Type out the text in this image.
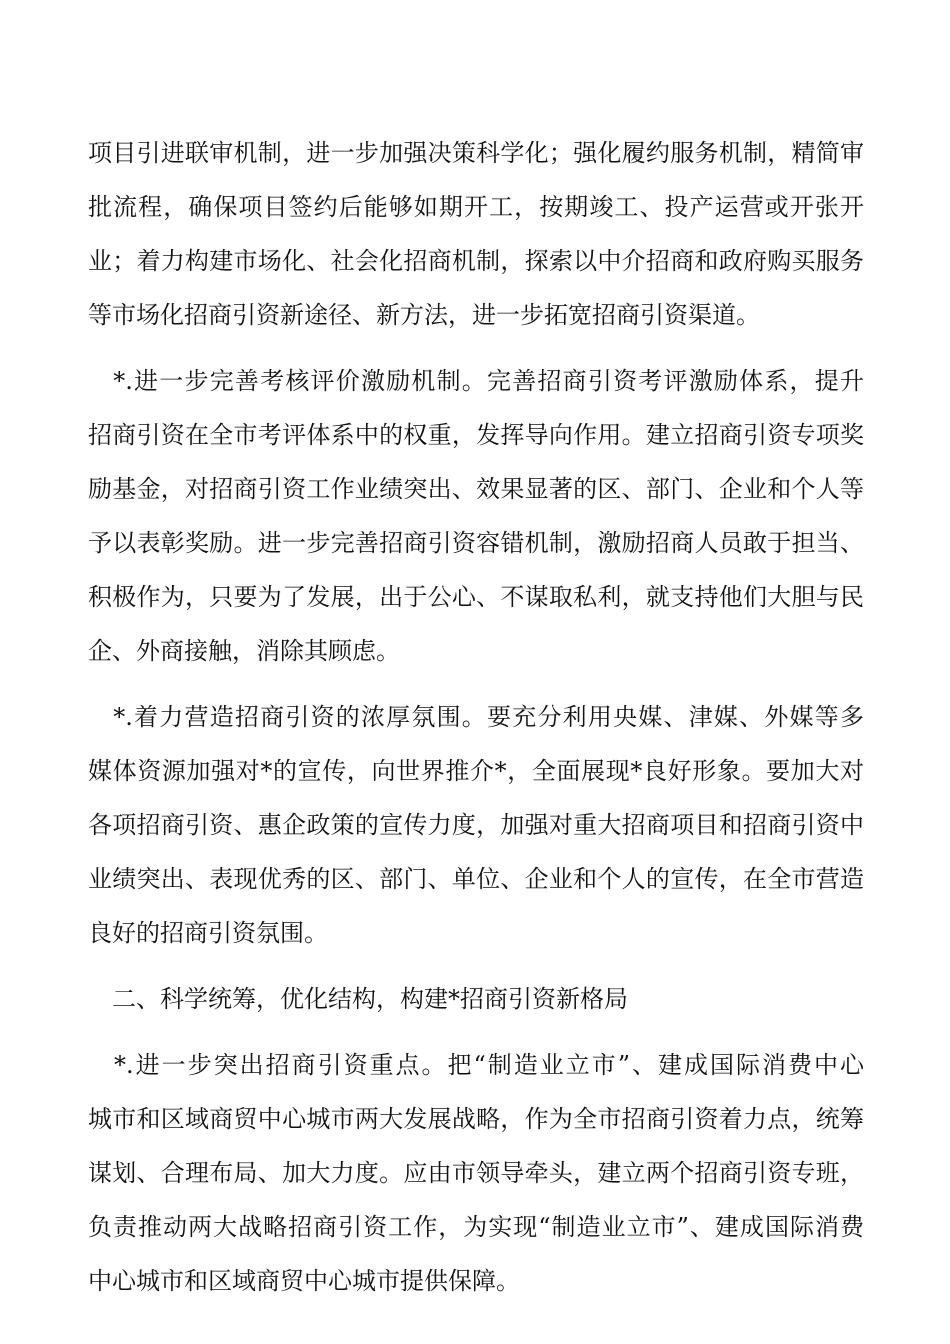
项目引进联审机制，进一步加强决策科学化；强化履约服务机制，精简审
批流程，确保项目签约后能够如期开工，按期竣工、投产运营或开张开
业；着力构建市场化、社会化招商机制，探索以中介招商和政府购买服务
等市场化招商引资新途径、新方法，进一步拓宽招商引资渠道。
　*.进一步完善考核评价激励机制。完善招商引资考评激励体系，提升
招商引资在全市考评体系中的权重，发挥导向作用。建立招商引资专项奖
励基金，对招商引资工作业绩突出、效果显著的区、部门、企业和个人等
予以表彰奖励。进一步完善招商引资容错机制，激励招商人员敢于担当、
积极作为，只要为了发展，出于公心、不谋取私利，就支持他们大胆与民
企、外商接触，消除其顾虑。
　*.着力营造招商引资的浓厚氛围。要充分利用央媒、津媒、外媒等多
媒体资源加强对*的宣传，向世界推介*，全面展现*良好形象。要加大对
各项招商引资、惠企政策的宣传力度，加强对重大招商项目和招商引资中
业绩突出、表现优秀的区、部门、单位、企业和个人的宣传，在全市营造
良好的招商引资氛围。
　二、科学统筹，优化结构，构建*招商引资新格局
　*.进一步突出招商引资重点。把“制造业立市”、建成国际消费中心
城市和区域商贸中心城市两大发展战略，作为全市招商引资着力点，统筹
谋划、合理布局、加大力度。应由市领导牵头，建立两个招商引资专班，
负责推动两大战略招商引资工作，为实现“制造业立市”、建成国际消费
中心城市和区域商贸中心城市提供保障。
